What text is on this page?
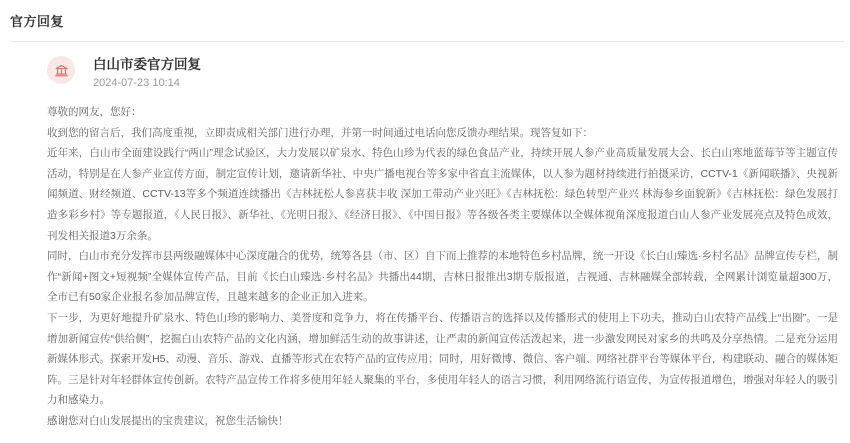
官方回复
白山市委官方回复
2024-07-23 10:14

尊敬的网友，您好：

收到您的留言后，我们高度重视，立即责成相关部门进行办理，并第一时间通过电话向您反馈办理结果。现答复如下：

近年来，白山市全面建设践行“两山”理念试验区，大力发展以矿泉水、特色山珍为代表的绿色食品产业，持续开展人参产业高质量发展大会、长白山寒地蓝莓节等主题宣传活动，特别是在人参产业宣传方面，制定宣传计划，邀请新华社、中央广播电视台等多家中省直主流媒体，以人参为题材持续进行拍摄采访，CCTV-1《新闻联播》、央视新闻频道、财经频道、CCTV-13等多个频道连续播出《吉林抚松人参喜获丰收 深加工带动产业兴旺》《吉林抚松：绿色转型产业兴 林海参乡面貌新》《吉林抚松：绿色发展打造多彩乡村》等专题报道，《人民日报》、新华社、《光明日报》、《经济日报》、《中国日报》等各级各类主要媒体以全媒体视角深度报道白山人参产业发展亮点及特色成效，刊发相关报道3万余条。

同时，白山市充分发挥市县两级融媒体中心深度融合的优势，统筹各县（市、区）自下而上推荐的本地特色乡村品牌，统一开设《长白山臻选·乡村名品》品牌宣传专栏，制作“新闻+图文+短视频”全媒体宣传产品，目前《长白山臻选·乡村名品》共播出44期，吉林日报推出3期专版报道，吉视通、吉林融媒全部转载，全网累计浏览量超300万，全市已有50家企业报名参加品牌宣传，且越来越多的企业正加入进来。

下一步，为更好地提升矿泉水、特色山珍的影响力、美誉度和竞争力，将在传播平台、传播语言的选择以及传播形式的使用上下功夫，推动白山农特产品线上“出圈”。一是增加新闻宣传“供给侧”，挖掘白山农特产品的文化内涵，增加鲜活生动的故事讲述，让严肃的新闻宣传活泼起来，进一步激发网民对家乡的共鸣及分享热情。二是充分运用新媒体形式。探索开发H5、动漫、音乐、游戏、直播等形式在农特产品的宣传应用；同时，用好微博、微信、客户端、网络社群平台等媒体平台，构建联动、融合的媒体矩阵。三是针对年轻群体宣传创新。农特产品宣传工作将多使用年轻人聚集的平台，多使用年轻人的语言习惯，利用网络流行语宣传，为宣传报道增色，增强对年轻人的吸引力和感染力。

感谢您对白山发展提出的宝贵建议，祝您生活愉快！
